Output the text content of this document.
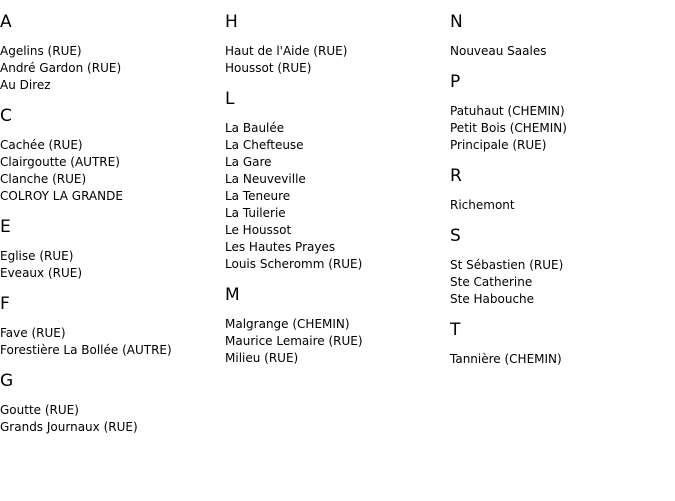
A
Agelins (RUE)
André Gardon (RUE)
Au Direz
C
Cachée (RUE)
Clairgoutte (AUTRE)
Clanche (RUE)
COLROY LA GRANDE
E
Eglise (RUE)
Eveaux (RUE)
F
Fave (RUE)
Forestière La Bollée (AUTRE)
G
Goutte (RUE)
Grands Journaux (RUE)
H
Haut de l'Aide (RUE)
Houssot (RUE)
L
La Baulée
La Chefteuse
La Gare
La Neuveville
La Teneure
La Tuilerie
Le Houssot
Les Hautes Prayes
Louis Scheromm (RUE)
M
Malgrange (CHEMIN)
Maurice Lemaire (RUE)
Milieu (RUE)
N
Nouveau Saales
P
Patuhaut (CHEMIN)
Petit Bois (CHEMIN)
Principale (RUE)
R
Richemont
S
St Sébastien (RUE)
Ste Catherine
Ste Habouche
T
Tannière (CHEMIN)
